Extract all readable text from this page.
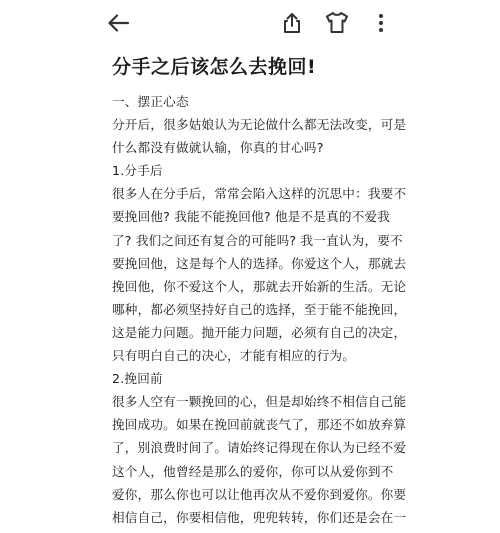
分手之后该怎么去挽回!
一、摆正心态
分开后，很多姑娘认为无论做什么都无法改变，可是
什么都没有做就认输，你真的甘心吗?
1.分手后
很多人在分手后，常常会陷入这样的沉思中：我要不
要挽回他? 我能不能挽回他? 他是不是真的不爱我
了? 我们之间还有复合的可能吗? 我一直认为，要不
要挽回他，这是每个人的选择。你爱这个人，那就去
挽回他，你不爱这个人，那就去开始新的生活。无论
哪种，都必须坚持好自己的选择，至于能不能挽回，
这是能力问题。抛开能力问题，必须有自己的决定，
只有明白自己的决心，才能有相应的行为。
2.挽回前
很多人空有一颗挽回的心，但是却始终不相信自己能
挽回成功。如果在挽回前就丧气了，那还不如放弃算
了，别浪费时间了。请始终记得现在你认为已经不爱
这个人，他曾经是那么的爱你，你可以从爱你到不
爱你，那么你也可以让他再次从不爱你到爱你。你要
相信自己，你要相信他，兜兜转转，你们还是会在一
